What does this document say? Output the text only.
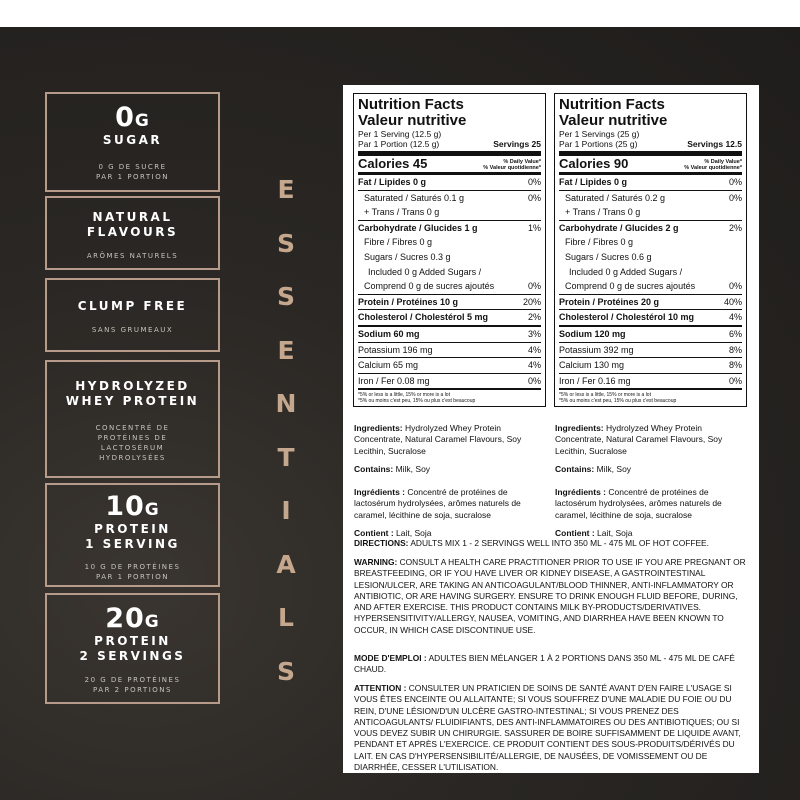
0G
SUGAR
0 G DE SUCRE
PAR 1 PORTION
NATURAL
FLAVOURS
ARÔMES NATURELS
CLUMP FREE
SANS GRUMEAUX
HYDROLYZED
WHEY PROTEIN
CONCENTRÉ DE
PROTÉINES DE
LACTOSÉRUM
HYDROLYSÉES
10G
PROTEIN
1 SERVING
10 G DE PROTÉINES
PAR 1 PORTION
20G
PROTEIN
2 SERVINGS
20 G DE PROTÉINES
PAR 2 PORTIONS
E
S
S
E
N
T
I
A
L
S
Nutrition Facts
Valeur nutritive
Per 1 Serving (12.5 g)
Par 1 Portion (12.5 g)	Servings 25
Calories 45	% Daily Value*
% Valeur quotidienne*
Fat / Lipides 0 g	0%
Saturated / Saturés 0.1 g	0%
+ Trans / Trans 0 g
Carbohydrate / Glucides 1 g	1%
Fibre / Fibres 0 g
Sugars / Sucres 0.3 g
Included 0 g Added Sugars /
Comprend 0 g de sucres ajoutés	0%
Protein / Protéines 10 g	20%
Cholesterol / Cholestérol 5 mg	2%
Sodium 60 mg	3%
Potassium 196 mg	4%
Calcium 65 mg	4%
Iron / Fer 0.08 mg	0%
*5% or less is a little, 15% or more is a lot
*5% ou moins c'est peu, 15% ou plus c'est beaucoup
Nutrition Facts
Valeur nutritive
Per 1 Servings (25 g)
Par 1 Portions (25 g)	Servings 12.5
Calories 90	% Daily Value*
% Valeur quotidienne*
Fat / Lipides 0 g	0%
Saturated / Saturés 0.2 g	0%
+ Trans / Trans 0 g
Carbohydrate / Glucides 2 g	2%
Fibre / Fibres 0 g
Sugars / Sucres 0.6 g
Included 0 g Added Sugars /
Comprend 0 g de sucres ajoutés	0%
Protein / Protéines 20 g	40%
Cholesterol / Cholestérol 10 mg	4%
Sodium 120 mg	6%
Potassium 392 mg	8%
Calcium 130 mg	8%
Iron / Fer 0.16 mg	0%
*5% or less is a little, 15% or more is a lot
*5% ou moins c'est peu, 15% ou plus c'est beaucoup

Ingredients: Hydrolyzed Whey Protein Concentrate, Natural Caramel Flavours, Soy Lecithin, Sucralose

Contains: Milk, Soy

Ingrédients : Concentré de protéines de lactosérum hydrolysées, arômes naturels de caramel, lécithine de soja, sucralose

Contient : Lait, Soja

Ingredients: Hydrolyzed Whey Protein Concentrate, Natural Caramel Flavours, Soy Lecithin, Sucralose

Contains: Milk, Soy

Ingrédients : Concentré de protéines de lactosérum hydrolysées, arômes naturels de caramel, lécithine de soja, sucralose

Contient : Lait, Soja

DIRECTIONS: ADULTS MIX 1 - 2 SERVINGS WELL INTO 350 ML - 475 ML OF HOT COFFEE.
WARNING: CONSULT A HEALTH CARE PRACTITIONER PRIOR TO USE IF YOU ARE PREGNANT OR BREASTFEEDING, OR IF YOU HAVE LIVER OR KIDNEY DISEASE, A GASTROINTESTINAL LESION/ULCER, ARE TAKING AN ANTICOAGULANT/BLOOD THINNER, ANTI-INFLAMMATORY OR ANTIBIOTIC, OR ARE HAVING SURGERY. ENSURE TO DRINK ENOUGH FLUID BEFORE, DURING, AND AFTER EXERCISE. THIS PRODUCT CONTAINS MILK BY-PRODUCTS/DERIVATIVES. HYPERSENSITIVITY/ALLERGY, NAUSEA, VOMITING, AND DIARRHEA HAVE BEEN KNOWN TO OCCUR, IN WHICH CASE DISCONTINUE USE.
MODE D'EMPLOI : ADULTES BIEN MÉLANGER 1 À 2 PORTIONS DANS 350 ML - 475 ML DE CAFÉ CHAUD.
ATTENTION : CONSULTER UN PRATICIEN DE SOINS DE SANTÉ AVANT D'EN FAIRE L'USAGE SI VOUS ÊTES ENCEINTE OU ALLAITANTE; SI VOUS SOUFFREZ D'UNE MALADIE DU FOIE OU DU REIN, D'UNE LÉSION/D'UN ULCÈRE GASTRO-INTESTINAL; SI VOUS PRENEZ DES ANTICOAGULANTS/ FLUIDIFIANTS, DES ANTI-INFLAMMATOIRES OU DES ANTIBIOTIQUES; OU SI VOUS DEVEZ SUBIR UN CHIRURGIE. SASSURER DE BOIRE SUFFISAMMENT DE LIQUIDE AVANT, PENDANT ET APRÈS L'EXERCICE. CE PRODUIT CONTIENT DES SOUS-PRODUITS/DÉRIVÉS DU LAIT. EN CAS D'HYPERSENSIBILITÉ/ALLERGIE, DE NAUSÉES, DE VOMISSEMENT OU DE DIARRHÉE, CESSER L'UTILISATION.
